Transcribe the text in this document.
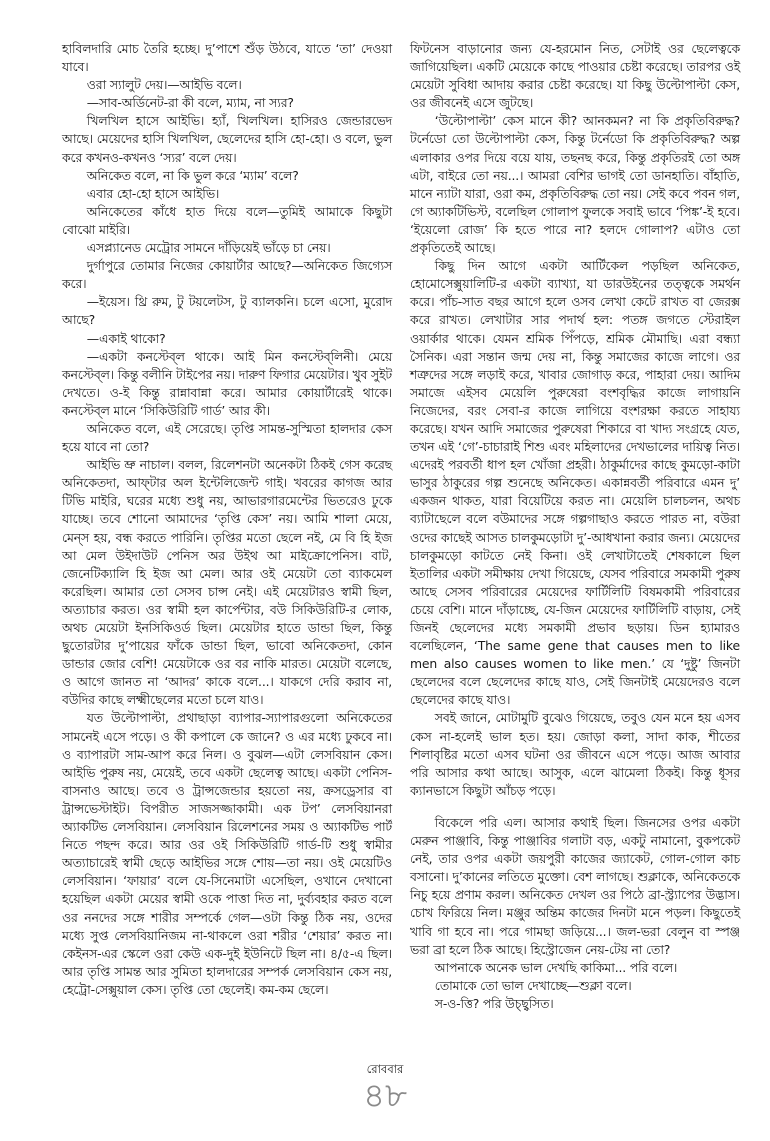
হাবিলদারি মোচ তৈরি হচ্ছে। দু’পাশে শুঁড় উঠবে, যাতে ‘তা’ দেওয়া যাবে।

ওরা স্যালুট দেয়।—আইভি বলে।

—সাব-অর্ডিনেট-রা কী বলে, ম্যাম, না স্যর?

খিলখিল হাসে আইভি। হ্যাঁ, খিলখিল। হাসিরও জেন্ডারভেদ আছে। মেয়েদের হাসি খিলখিল, ছেলেদের হাসি হো-হো। ও বলে, ভুল করে কখনও-কখনও ‘স্যর’ বলে দেয়।

অনিকেত বলে, না কি ভুল করে ‘ম্যাম’ বলে?

এবার হো-হো হাসে আইভি।

অনিকেতের কাঁধে হাত দিয়ে বলে—তুমিই আমাকে কিছুটা বোঝো মাইরি।

এসপ্ল্যানেড মেট্রোর সামনে দাঁড়িয়েই ভাঁড়ে চা নেয়।

দুর্গাপুরে তোমার নিজের কোয়ার্টার আছে?—অনিকেত জিগ্যেস করে।

—ইয়েস। থ্রি রুম, টু টয়লেটস, টু ব্যালকনি। চলে এসো, মুরোদ আছে?

—একাই থাকো?

—একটা কনস্টেব্‌ল থাকে। আই মিন কনস্টেব্‌লিনী। মেয়ে কনস্টেব্‌ল। কিন্তু বলীনি টাইপের নয়। দারুণ ফিগার মেয়েটার। খুব সুইট দেখতে। ও-ই কিন্তু রান্নাবান্না করে। আমার কোয়ার্টারেই থাকে। কনস্টেব্‌ল মানে ‘সিকিউরিটি গার্ড’ আর কী।

অনিকেত বলে, এই সেরেছে। তৃপ্তি সামন্ত-সুস্মিতা হালদার কেস হয়ে যাবে না তো?

আইভি ভ্রু নাচাল। বলল, রিলেশনটা অনেকটা ঠিকই গেস করেছ অনিকেতদা, আফ্‌টার অল ইন্টেলিজেন্ট গাই। খবরের কাগজ আর টিভি মাইরি, ঘরের মধ্যে শুধু নয়, আভারগারমেন্টের ভিতরেও ঢুকে যাচ্ছে। তবে শোনো আমাদের ‘তৃপ্তি কেস’ নয়। আমি শালা মেয়ে, মেন্‌স হয়, বন্ধ করতে পারিনি। তৃপ্তির মতো ছেলে নই, মে বি হি ইজ আ মেল উইদাউট পেনিস অর উইথ আ মাইক্রোপেনিস। বাট, জেনেটিক্যালি হি ইজ আ মেল। আর ওই মেয়েটা তো ব্যাকমেল করেছিল। আমার তো সেসব চান্স নেই। এই মেয়েটারও স্বামী ছিল, অত্যাচার করত। ওর স্বামী হল কার্পেন্টার, বউ সিকিউরিটি-র লোক, অথচ মেয়েটা ইনসিকিওর্ড ছিল। মেয়েটার হাতে ডান্ডা ছিল, কিন্তু ছুতোরটার দু’পায়ের ফাঁকে ডান্ডা ছিল, ভাবো অনিকেতদা, কোন ডান্ডার জোর বেশি! মেয়েটাকে ওর বর নাকি মারত। মেয়েটা বলেছে, ও আগে জানত না ‘আদর’ কাকে বলে...। যাকগে দেরি করাব না, বউদির কাছে লক্ষ্মীছেলের মতো চলে যাও।

যত উল্টোপাল্টা, প্রথাছাড়া ব্যাপার-স্যাপারগুলো অনিকেতের সামনেই এসে পড়ে। ও কী কপালে কে জানে? ও এর মধ্যে ঢুকবে না। ও ব্যাপারটা সাম-আপ করে নিল। ও বুঝল—এটা লেসবিয়ান কেস। আইভি পুরুষ নয়, মেয়েই, তবে একটা ছেলেত্ব আছে। একটা পেনিস-বাসনাও আছে। তবে ও ট্রান্সজেন্ডার হয়তো নয়, ক্রসড্রেসার বা ট্রান্সভেস্টাইট। বিপরীত সাজসজ্জাকামী। এক টপ’ লেসবিয়ানরা অ্যাকটিভ লেসবিয়ান। লেসবিয়ান রিলেশনের সময় ও অ্যাকটিভ পার্ট নিতে পছন্দ করে। আর ওর ওই সিকিউরিটি গার্ড-টি শুধু স্বামীর অত্যাচারেই স্বামী ছেড়ে আইভির সঙ্গে শোয়—তা নয়। ওই মেয়েটিও লেসবিয়ান। ‘ফায়ার’ বলে যে-সিনেমাটা এসেছিল, ওখানে দেখানো হয়েছিল একটা মেয়ের স্বামী ওকে পাত্তা দিত না, দুর্ব্যবহার করত বলে ওর ননদের সঙ্গে শারীর সম্পর্কে গেল—ওটা কিন্তু ঠিক নয়, ওদের মধ্যে সুপ্ত লেসবিয়ানিজম না-থাকলে ওরা শরীর ‘শেয়ার’ করত না। কেইনস-এর স্কেলে ওরা কেউ এক-দুই ইউনিটে ছিল না। ৪/৫-এ ছিল। আর তৃপ্তি সামন্ত আর সুমিতা হালদারের সম্পর্ক লেসবিয়ান কেস নয়, হেট্রো-সেক্সুয়াল কেস। তৃপ্তি তো ছেলেই। কম-কম ছেলে।

ফিটনেস বাড়ানোর জন্য যে-হরমোন নিত, সেটাই ওর ছেলেত্বকে জাগিয়েছিল। একটি মেয়েকে কাছে পাওয়ার চেষ্টা করেছে। তারপর ওই মেয়েটা সুবিধা আদায় করার চেষ্টা করেছে। যা কিছু উল্টোপাল্টা কেস, ওর জীবনেই এসে জুটছে।

‘উল্টোপাল্টা’ কেস মানে কী? আনকমন? না কি প্রকৃতিবিরুদ্ধ? টর্নেডো তো উল্টোপাল্টা কেস, কিন্তু টর্নেডো কি প্রকৃতিবিরুদ্ধ? অল্প এলাকার ওপর দিয়ে বয়ে যায়, তছনছ করে, কিন্তু প্রকৃতিরই তো অঙ্গ এটা, বাইরে তো নয়...। আমরা বেশির ভাগই তো ডানহাতি। বাঁহাতি, মানে ন্যাটা যারা, ওরা কম, প্রকৃতিবিরুদ্ধ তো নয়। সেই কবে পবন গল, গে অ্যাকটিভিস্ট, বলেছিল গোলাপ ফুলকে সবাই ভাবে ‘পিঙ্ক’-ই হবে। ‘ইয়েলো রোজ’ কি হতে পারে না? হলদে গোলাপ? এটাও তো প্রকৃতিতেই আছে।

কিছু দিন আগে একটা আর্টিকেল পড়ছিল অনিকেত, হোমোসেক্সুয়ালিটি-র একটা ব্যাখ্যা, যা ডারউইনের তত্ত্বকে সমর্থন করে। পাঁচ-সাত বছর আগে হলে ওসব লেখা কেটে রাখত বা জেরক্স করে রাখত। লেখাটার সার পদার্থ হল: পতঙ্গ জগতে স্টেরাইল ওয়ার্কার থাকে। যেমন শ্রমিক পিঁপড়ে, শ্রমিক মৌমাছি। এরা বন্ধ্যা সৈনিক। এরা সন্তান জন্ম দেয় না, কিন্তু সমাজের কাজে লাগে। ওর শত্রুদের সঙ্গে লড়াই করে, খাবার জোগাড় করে, পাহারা দেয়। আদিম সমাজে এইসব মেয়েলি পুরুষেরা বংশবৃদ্ধির কাজে লাগায়নি নিজেদের, বরং সেবা-র কাজে লাগিয়ে বংশরক্ষা করতে সাহায্য করেছে। যখন আদি সমাজের পুরুষেরা শিকারে বা খাদ্য সংগ্রহে যেত, তখন এই ‘গে’-চাচারাই শিশু এবং মহিলাদের দেখভালের দায়িত্ব নিত। এদেরই পরবর্তী ধাপ হল খোঁজা প্রহরী। ঠাকুর্মাদের কাছে কুমড়ো-কাটা ভাসুর ঠাকুরের গল্প শুনেছে অনিকেত। একান্নবর্তী পরিবারে এমন দু’ একজন থাকত, যারা বিয়েটিয়ে করত না। মেয়েলি চালচলন, অথচ ব্যাটাছেলে বলে বউমাদের সঙ্গে গল্পগাছাও করতে পারত না, বউরা ওদের কাছেই আসত চালকুমড়োটা দু’-আধখানা করার জন্য। মেয়েদের চালকুমড়ো কাটতে নেই কিনা। ওই লেখাটাতেই শেষকালে ছিল ইতালির একটা সমীক্ষায় দেখা গিয়েছে, যেসব পরিবারে সমকামী পুরুষ আছে সেসব পরিবারের মেয়েদের ফার্টিলিটি বিষমকামী পরিবারের চেয়ে বেশি। মানে দাঁড়াচ্ছে, যে-জিন মেয়েদের ফার্টিলিটি বাড়ায়, সেই জিনই ছেলেদের মধ্যে সমকামী প্রভাব ছড়ায়। ডিন হ্যামারও বলেছিলেন, ‘The same gene that causes men to like men also causes women to like men.’ যে ‘দুষ্টু’ জিনটা ছেলেদের বলে ছেলেদের কাছে যাও, সেই জিনটাই মেয়েদেরও বলে ছেলেদের কাছে যাও।

সবই জানে, মোটামুটি বুঝেও গিয়েছে, তবুও যেন মনে হয় এসব কেস না-হলেই ভাল হত। হয়। জোড়া কলা, সাদা কাক, শীতের শিলাবৃষ্টির মতো এসব ঘটনা ওর জীবনে এসে পড়ে। আজ আবার পরি আসার কথা আছে। আসুক, এলে ঝামেলা ঠিকই। কিন্তু ধূসর ক্যানভাসে কিছুটা আঁচড় পড়ে।

বিকেলে পরি এল। আসার কথাই ছিল। জিনসের ওপর একটা মেরুন পাঞ্জাবি, কিন্তু পাঞ্জাবির গলাটা বড়, একটু নামানো, বুকপকেট নেই, তার ওপর একটা জয়পুরী কাজের জ্যাকেট, গোল-গোল কাচ বসানো। দু’কানের লতিতে মুক্তো। বেশ লাগছে। শুক্লাকে, অনিকেতকে নিচু হয়ে প্রণাম করল। অনিকেত দেখল ওর পিঠে ব্রা-স্ট্র্যাপের উদ্ভাস। চোখ ফিরিয়ে নিল। মঞ্জুর অন্তিম কাজের দিনটা মনে পড়ল। কিছুতেই খাবি গা হবে না। পরে গামছা জড়িয়ে...। জল-ভরা বেলুন বা স্পঞ্জ ভরা ব্রা হলে ঠিক আছে। হিস্ট্রোজেন নেয়-টেয় না তো?

আপনাকে অনেক ভাল দেখছি কাকিমা... পরি বলে।

তোমাকে তো ভাল দেখাচ্ছে—শুক্লা বলে।

স-ও-ত্তি? পরি উচ্ছ্বসিত।

রোববার
৪৮
